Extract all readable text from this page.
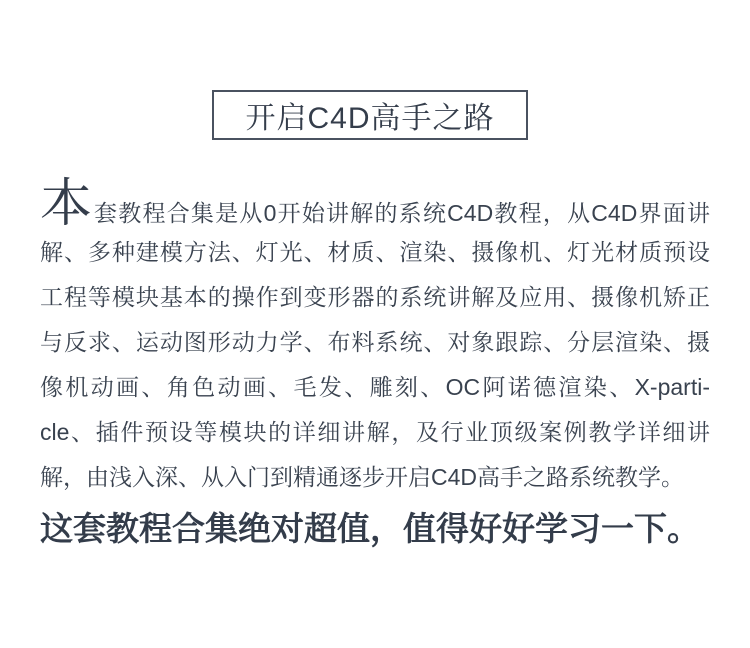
开启C4D高手之路
本 套教程合集是从0开始讲解的系统C4D教程，从C4D界面讲
解、多种建模方法、灯光、材质、渲染、摄像机、灯光材质预设
工程等模块基本的操作到变形器的系统讲解及应用、摄像机矫正
与反求、运动图形动力学、布料系统、对象跟踪、分层渲染、摄
像机动画、角色动画、毛发、雕刻、OC阿诺德渲染、X-parti-
cle、插件预设等模块的详细讲解，及行业顶级案例教学详细讲
解，由浅入深、从入门到精通逐步开启C4D高手之路系统教学。
这套教程合集绝对超值，值得好好学习一下。
